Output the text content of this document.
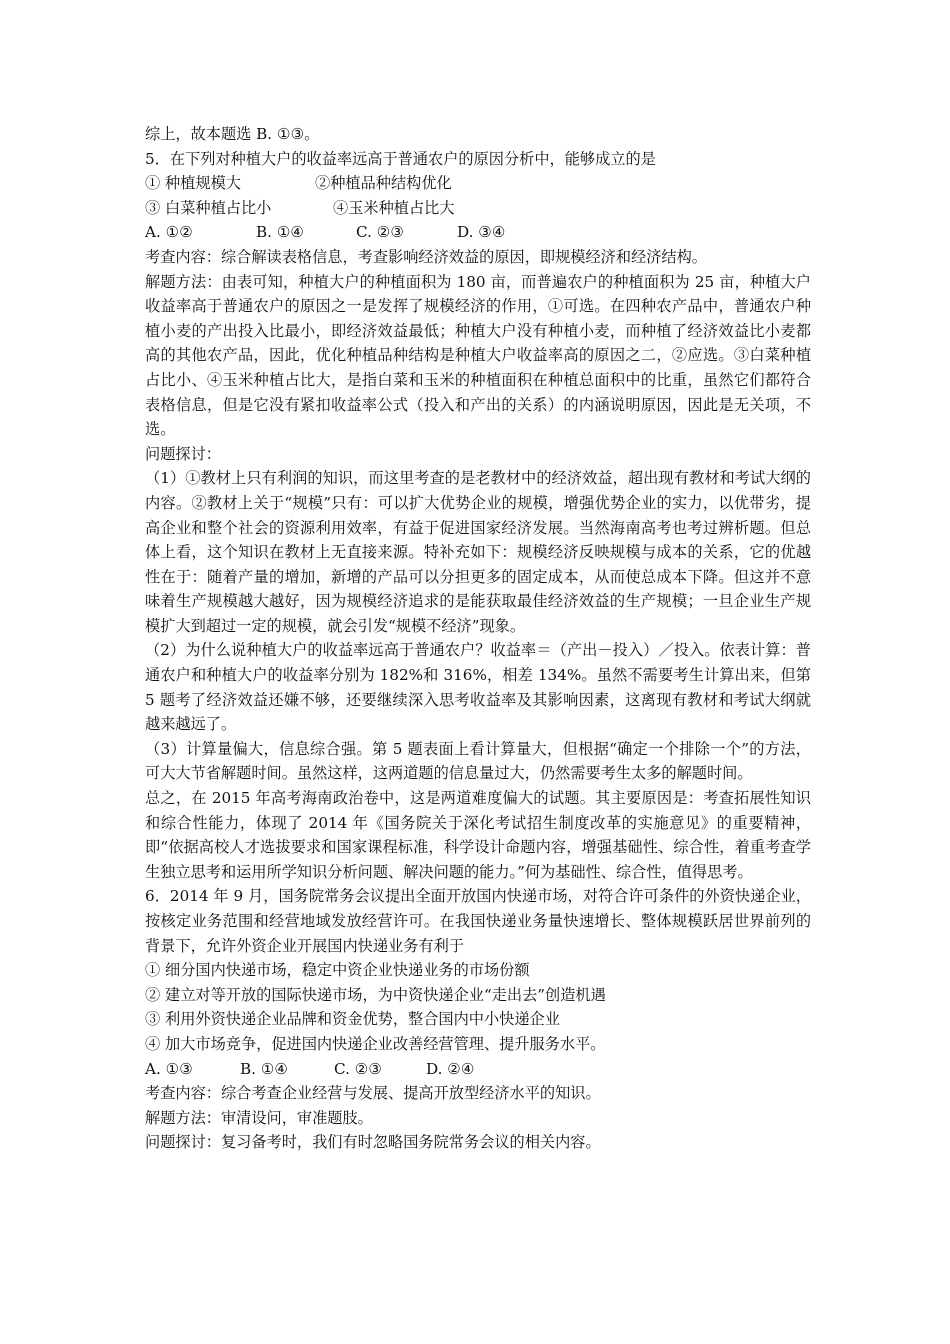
综上，故本题选 B. ①③。

5．在下列对种植大户的收益率远高于普通农户的原因分析中，能够成立的是

① 种植规模大	②种植品种结构优化
③ 白菜种植占比小	④玉米种植占比大
A. ①②	B. ①④	C. ②③	D. ③④

考查内容：综合解读表格信息，考查影响经济效益的原因，即规模经济和经济结构。

解题方法：由表可知，种植大户的种植面积为 180 亩，而普遍农户的种植面积为 25 亩，种植大户收益率高于普通农户的原因之一是发挥了规模经济的作用，①可选。在四种农产品中，普通农户种植小麦的产出投入比最小，即经济效益最低；种植大户没有种植小麦，而种植了经济效益比小麦都高的其他农产品，因此，优化种植品种结构是种植大户收益率高的原因之二，②应选。③白菜种植占比小、④玉米种植占比大，是指白菜和玉米的种植面积在种植总面积中的比重，虽然它们都符合表格信息，但是它没有紧扣收益率公式（投入和产出的关系）的内涵说明原因，因此是无关项，不选。

问题探讨：

（1）①教材上只有利润的知识，而这里考查的是老教材中的经济效益，超出现有教材和考试大纲的内容。②教材上关于“规模”只有：可以扩大优势企业的规模，增强优势企业的实力，以优带劣，提高企业和整个社会的资源利用效率，有益于促进国家经济发展。当然海南高考也考过辨析题。但总体上看，这个知识在教材上无直接来源。特补充如下：规模经济反映规模与成本的关系，它的优越性在于：随着产量的增加，新增的产品可以分担更多的固定成本，从而使总成本下降。但这并不意味着生产规模越大越好，因为规模经济追求的是能获取最佳经济效益的生产规模；一旦企业生产规模扩大到超过一定的规模，就会引发“规模不经济”现象。

（2）为什么说种植大户的收益率远高于普通农户？收益率＝（产出－投入）／投入。依表计算：普通农户和种植大户的收益率分别为 182%和 316%，相差 134%。虽然不需要考生计算出来，但第 5 题考了经济效益还嫌不够，还要继续深入思考收益率及其影响因素，这离现有教材和考试大纲就越来越远了。

（3）计算量偏大，信息综合强。第 5 题表面上看计算量大，但根据“确定一个排除一个”的方法，可大大节省解题时间。虽然这样，这两道题的信息量过大，仍然需要考生太多的解题时间。

总之，在 2015 年高考海南政治卷中，这是两道难度偏大的试题。其主要原因是：考查拓展性知识和综合性能力，体现了 2014 年《国务院关于深化考试招生制度改革的实施意见》的重要精神，即“依据高校人才选拔要求和国家课程标准，科学设计命题内容，增强基础性、综合性，着重考查学生独立思考和运用所学知识分析问题、解决问题的能力。”何为基础性、综合性，值得思考。

6．2014 年 9 月，国务院常务会议提出全面开放国内快递市场，对符合许可条件的外资快递企业，按核定业务范围和经营地域发放经营许可。在我国快递业务量快速增长、整体规模跃居世界前列的背景下，允许外资企业开展国内快递业务有利于

① 细分国内快递市场，稳定中资企业快递业务的市场份额

② 建立对等开放的国际快递市场，为中资快递企业“走出去”创造机遇

③ 利用外资快递企业品牌和资金优势，整合国内中小快递企业

④ 加大市场竞争，促进国内快递企业改善经营管理、提升服务水平。

A. ①③	B. ①④	C. ②③	D. ②④

考查内容：综合考查企业经营与发展、提高开放型经济水平的知识。

解题方法：审清设问，审准题肢。

问题探讨：复习备考时，我们有时忽略国务院常务会议的相关内容。
